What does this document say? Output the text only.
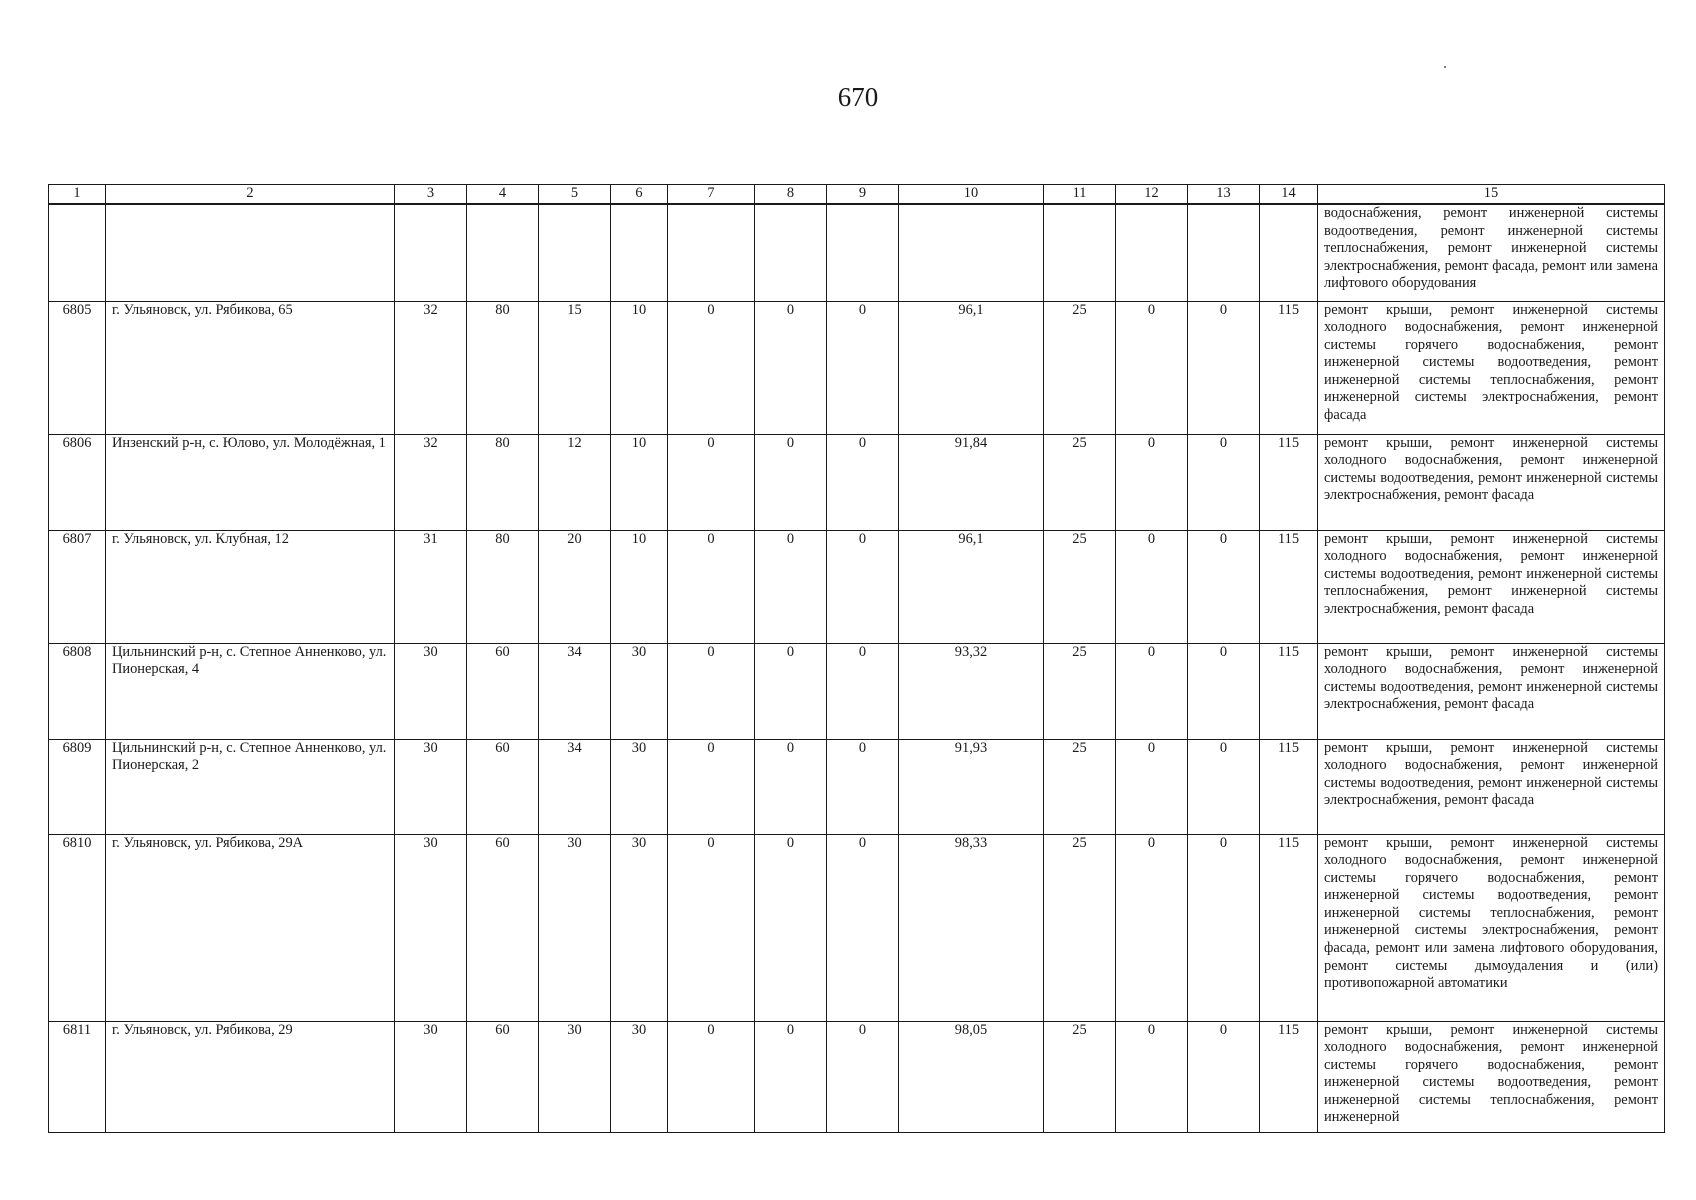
670
1	2	3	4	5	6	7	8	9	10	11	12	13	14	15
														водоснабжения, ремонт инженерной системы водоотведения, ремонт инженерной системы теплоснабжения, ремонт инженерной системы электроснабжения, ремонт фасада, ремонт или замена лифтового оборудования
6805	г. Ульяновск, ул. Рябикова, 65	32	80	15	10	0	0	0	96,1	25	0	0	115	ремонт крыши, ремонт инженерной системы холодного водоснабжения, ремонт инженерной системы горячего водоснабжения, ремонт инженерной системы водоотведения, ремонт инженерной системы теплоснабжения, ремонт инженерной системы электроснабжения, ремонт фасада
6806	Инзенский р-н, с. Юлово, ул. Молодёжная, 1	32	80	12	10	0	0	0	91,84	25	0	0	115	ремонт крыши, ремонт инженерной системы холодного водоснабжения, ремонт инженерной системы водоотведения, ремонт инженерной системы электроснабжения, ремонт фасада
6807	г. Ульяновск, ул. Клубная, 12	31	80	20	10	0	0	0	96,1	25	0	0	115	ремонт крыши, ремонт инженерной системы холодного водоснабжения, ремонт инженерной системы водоотведения, ремонт инженерной системы теплоснабжения, ремонт инженерной системы электроснабжения, ремонт фасада
6808	Цильнинский р-н, с. Степное Анненково, ул. Пионерская, 4	30	60	34	30	0	0	0	93,32	25	0	0	115	ремонт крыши, ремонт инженерной системы холодного водоснабжения, ремонт инженерной системы водоотведения, ремонт инженерной системы электроснабжения, ремонт фасада
6809	Цильнинский р-н, с. Степное Анненково, ул. Пионерская, 2	30	60	34	30	0	0	0	91,93	25	0	0	115	ремонт крыши, ремонт инженерной системы холодного водоснабжения, ремонт инженерной системы водоотведения, ремонт инженерной системы электроснабжения, ремонт фасада
6810	г. Ульяновск, ул. Рябикова, 29А	30	60	30	30	0	0	0	98,33	25	0	0	115	ремонт крыши, ремонт инженерной системы холодного водоснабжения, ремонт инженерной системы горячего водоснабжения, ремонт инженерной системы водоотведения, ремонт инженерной системы теплоснабжения, ремонт инженерной системы электроснабжения, ремонт фасада, ремонт или замена лифтового оборудования, ремонт системы дымоудаления и (или) противопожарной автоматики
6811	г. Ульяновск, ул. Рябикова, 29	30	60	30	30	0	0	0	98,05	25	0	0	115	ремонт крыши, ремонт инженерной системы холодного водоснабжения, ремонт инженерной системы горячего водоснабжения, ремонт инженерной системы водоотведения, ремонт инженерной системы теплоснабжения, ремонт инженерной
